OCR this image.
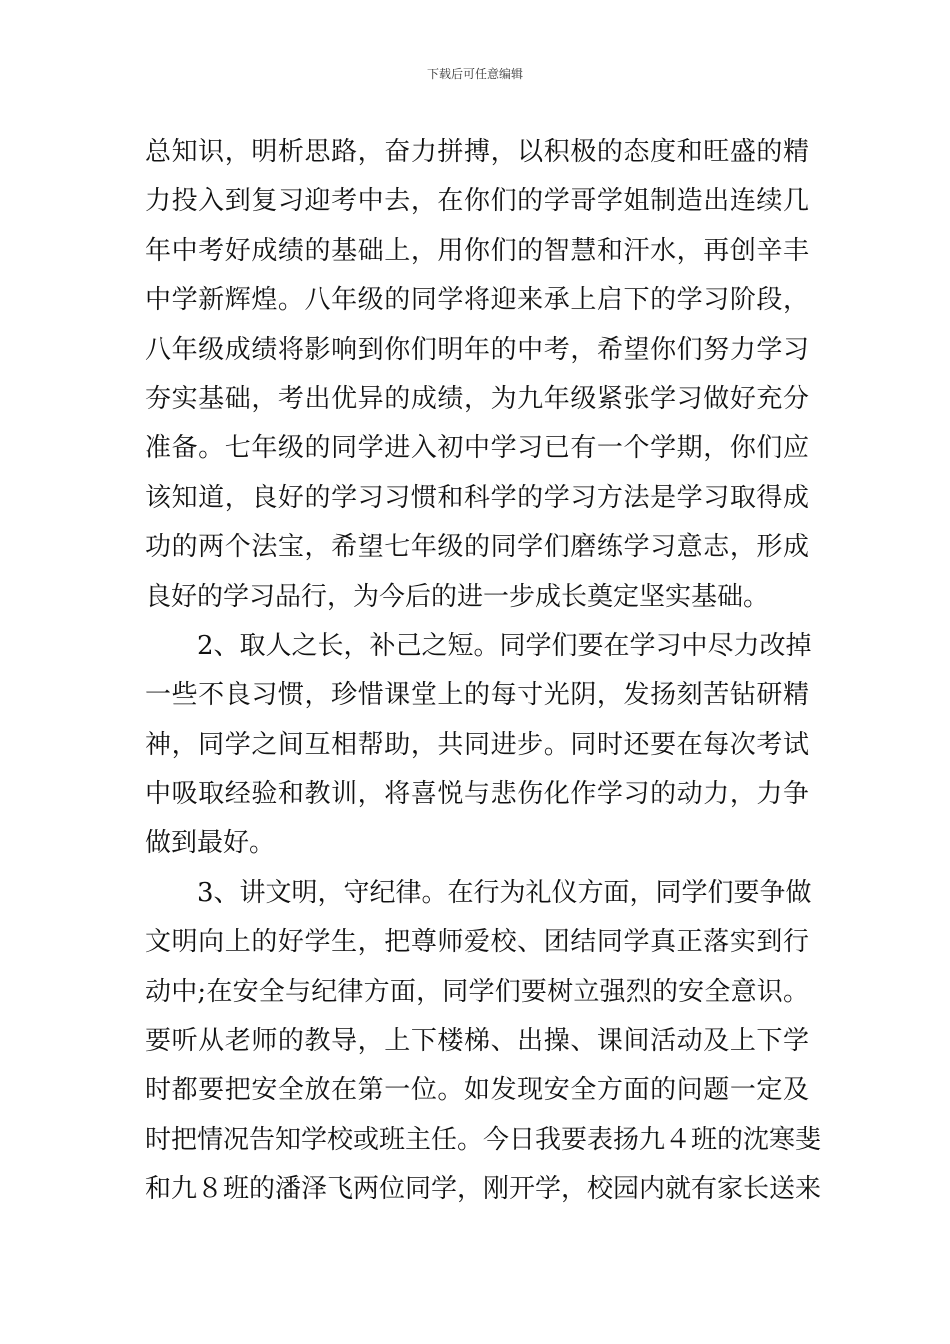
下载后可任意编辑
总知识，明析思路，奋力拼搏，以积极的态度和旺盛的精
力投入到复习迎考中去，在你们的学哥学姐制造出连续几
年中考好成绩的基础上，用你们的智慧和汗水，再创辛丰
中学新辉煌。八年级的同学将迎来承上启下的学习阶段，
八年级成绩将影响到你们明年的中考，希望你们努力学习
夯实基础，考出优异的成绩，为九年级紧张学习做好充分
准备。七年级的同学进入初中学习已有一个学期，你们应
该知道，良好的学习习惯和科学的学习方法是学习取得成
功的两个法宝，希望七年级的同学们磨练学习意志，形成
良好的学习品行，为今后的进一步成长奠定坚实基础。
2、取人之长，补己之短。同学们要在学习中尽力改掉
一些不良习惯，珍惜课堂上的每寸光阴，发扬刻苦钻研精
神，同学之间互相帮助，共同进步。同时还要在每次考试
中吸取经验和教训，将喜悦与悲伤化作学习的动力，力争
做到最好。
3、讲文明，守纪律。在行为礼仪方面，同学们要争做
文明向上的好学生，把尊师爱校、团结同学真正落实到行
动中;在安全与纪律方面，同学们要树立强烈的安全意识。
要听从老师的教导，上下楼梯、出操、课间活动及上下学
时都要把安全放在第一位。如发现安全方面的问题一定及
时把情况告知学校或班主任。今日我要表扬九４班的沈寒斐
和九８班的潘泽飞两位同学，刚开学，校园内就有家长送来
